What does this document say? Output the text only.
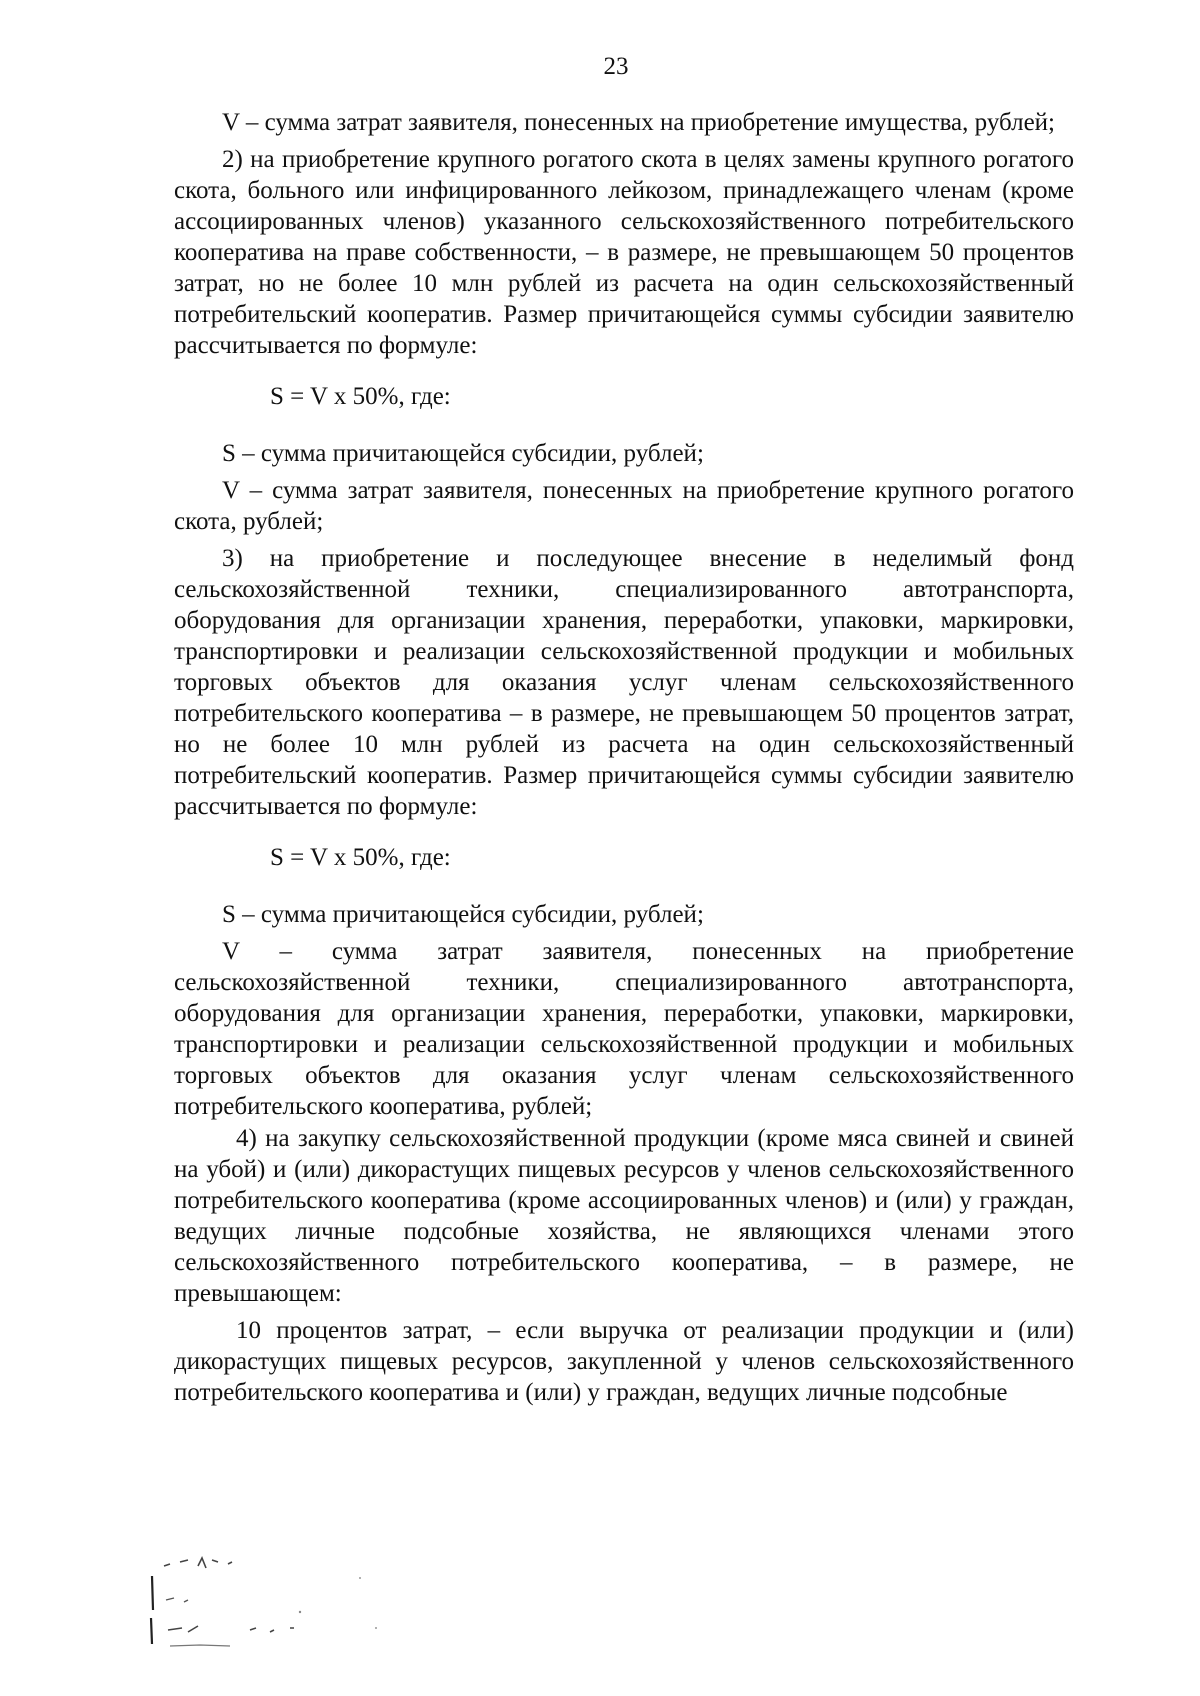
23

V – сумма затрат заявителя, понесенных на приобретение имущества, рублей;

2) на приобретение крупного рогатого скота в целях замены крупного рогатого скота, больного или инфицированного лейкозом, принадлежащего членам (кроме ассоциированных членов) указанного сельскохозяйственного потребительского кооператива на праве собственности, – в размере, не превышающем 50 процентов затрат, но не более 10 млн рублей из расчета на один сельскохозяйственный потребительский кооператив. Размер причитающейся суммы субсидии заявителю рассчитывается по формуле:

S = V x 50%, где:

S – сумма причитающейся субсидии, рублей;

V – сумма затрат заявителя, понесенных на приобретение крупного рогатого скота, рублей;

3) на приобретение и последующее внесение в неделимый фонд сельскохозяйственной техники, специализированного автотранспорта, оборудования для организации хранения, переработки, упаковки, маркировки, транспортировки и реализации сельскохозяйственной продукции и мобильных торговых объектов для оказания услуг членам сельскохозяйственного потребительского кооператива – в размере, не превышающем 50 процентов затрат, но не более 10 млн рублей из расчета на один сельскохозяйственный потребительский кооператив. Размер причитающейся суммы субсидии заявителю рассчитывается по формуле:

S = V x 50%, где:

S – сумма причитающейся субсидии, рублей;

V – сумма затрат заявителя, понесенных на приобретение сельскохозяйственной техники, специализированного автотранспорта, оборудования для организации хранения, переработки, упаковки, маркировки, транспортировки и реализации сельскохозяйственной продукции и мобильных торговых объектов для оказания услуг членам сельскохозяйственного потребительского кооператива, рублей;

4) на закупку сельскохозяйственной продукции (кроме мяса свиней и свиней на убой) и (или) дикорастущих пищевых ресурсов у членов сельскохозяйственного потребительского кооператива (кроме ассоциированных членов) и (или) у граждан, ведущих личные подсобные хозяйства, не являющихся членами этого сельскохозяйственного потребительского кооператива, – в размере, не превышающем:

10 процентов затрат, – если выручка от реализации продукции и (или) дикорастущих пищевых ресурсов, закупленной у членов сельскохозяйственного потребительского кооператива и (или) у граждан, ведущих личные подсобные
